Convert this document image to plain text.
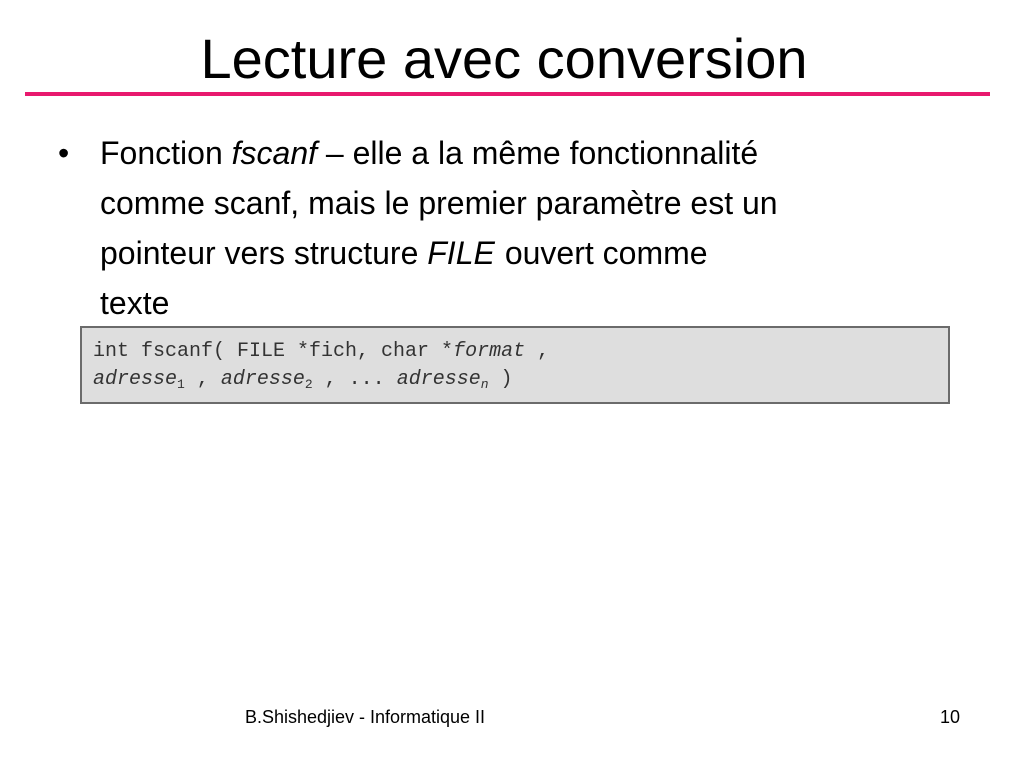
Lecture avec conversion
• Fonction fscanf – elle a la même fonctionnalité
comme scanf, mais le premier paramètre est un
pointeur vers structure FILE ouvert comme
texte
int fscanf( FILE *fich, char *format ,
adresse$_1$ , adresse$_2$ , ... adresse$_n$ )
B.Shishedjiev - Informatique II	10
